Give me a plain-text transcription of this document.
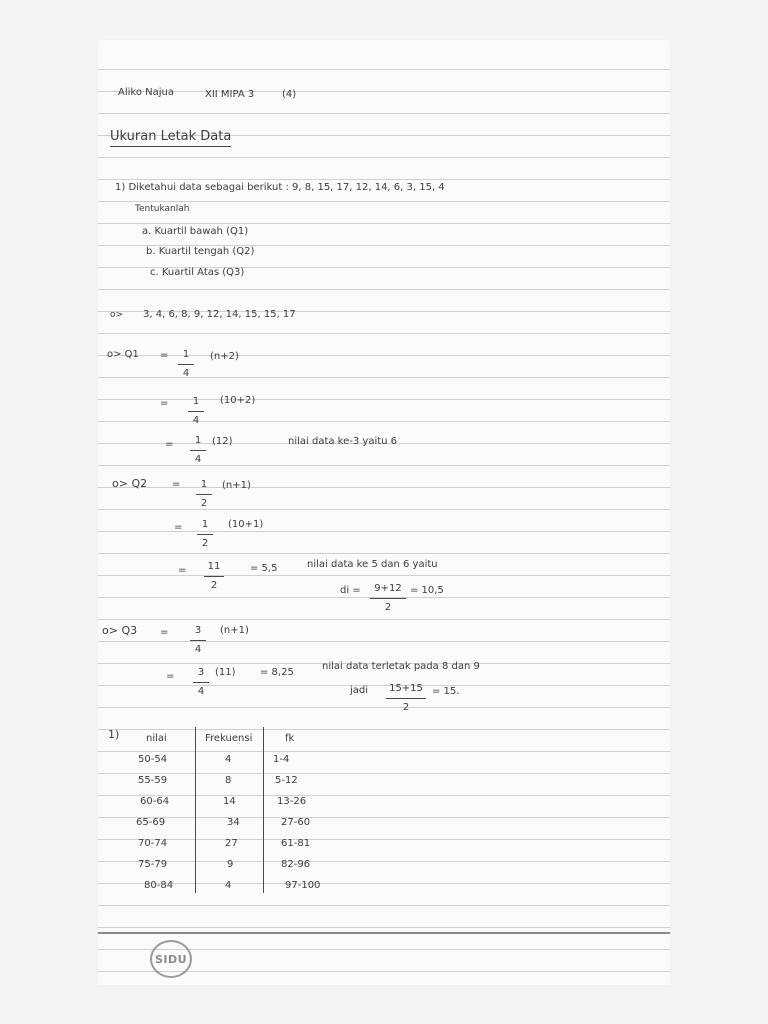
Aliko Najua	XII MIPA 3	(4)
Ukuran Letak Data
1) Diketahui data sebagai berikut : 9, 8, 15, 17, 12, 14, 6, 3, 15, 4
Tentukanlah
a. Kuartil bawah (Q1)
b. Kuartil tengah (Q2)
c. Kuartil Atas (Q3)
o> 3, 4, 6, 8, 9, 12, 14, 15, 15, 17
$o> Q1 = \frac{1}{4} (n+2)$
= $\frac{1}{4} (10+2)$
= $\frac{1}{4} (12)$	nilai data ke-3 yaitu 6
$o> Q2 = \frac{1}{2} (n+1)$
= $\frac{1}{2} (10+1)$
= $\frac{11}{2}$	= 5,5	nilai data ke 5 dan 6 yaitu
di = $\frac{9+12}{2} = 10,5$
$o> Q3 = \frac{3}{4} (n+1)$
= $\frac{3}{4} (11) = 8,25$
nilai data terletak pada 8 dan 9
jadi $\frac{15+15}{2} = 15$.
1)	nilai	Frekuensi	fk
50-54	4	1-4
55-59	8	5-12
60-64	14	13-26
65-69	34	27-60
70-74	27	61-81
75-79	9	82-96
80-84	4	97-100
SIDU
